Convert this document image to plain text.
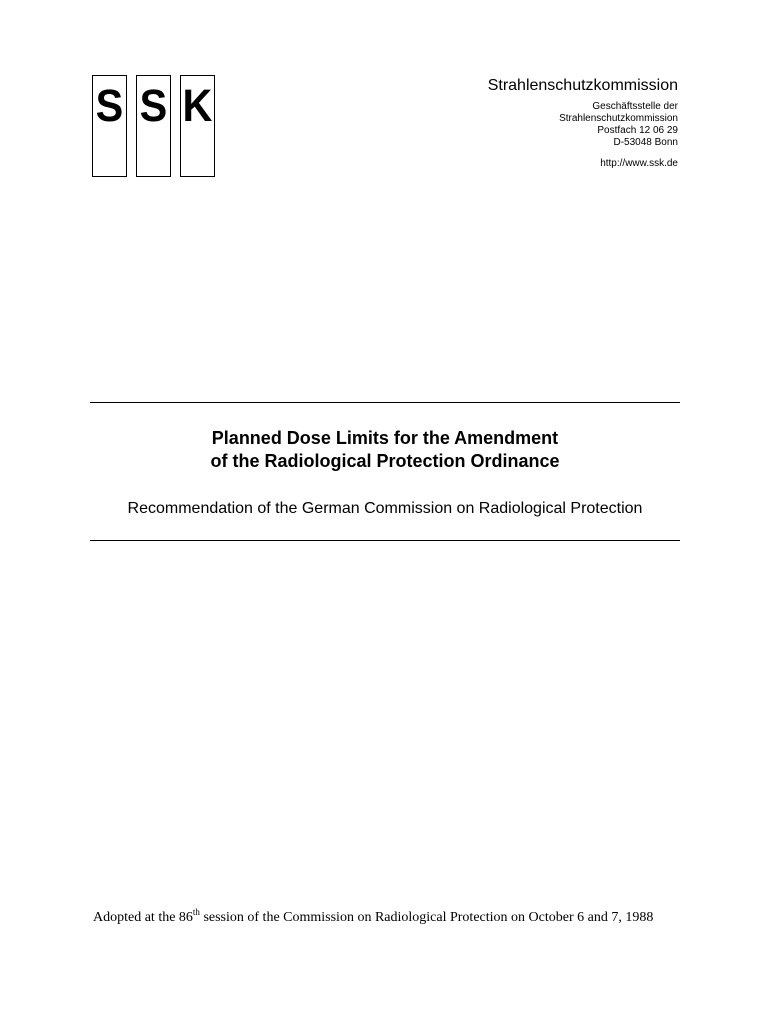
S S K	Strahlenschutzkommission
Geschäftsstelle der
Strahlenschutzkommission
Postfach 12 06 29
D-53048 Bonn
http://www.ssk.de
Planned Dose Limits for the Amendment
of the Radiological Protection Ordinance
Recommendation of the German Commission on Radiological Protection
Adopted at the 86th session of the Commission on Radiological Protection on October 6 and 7, 1988
